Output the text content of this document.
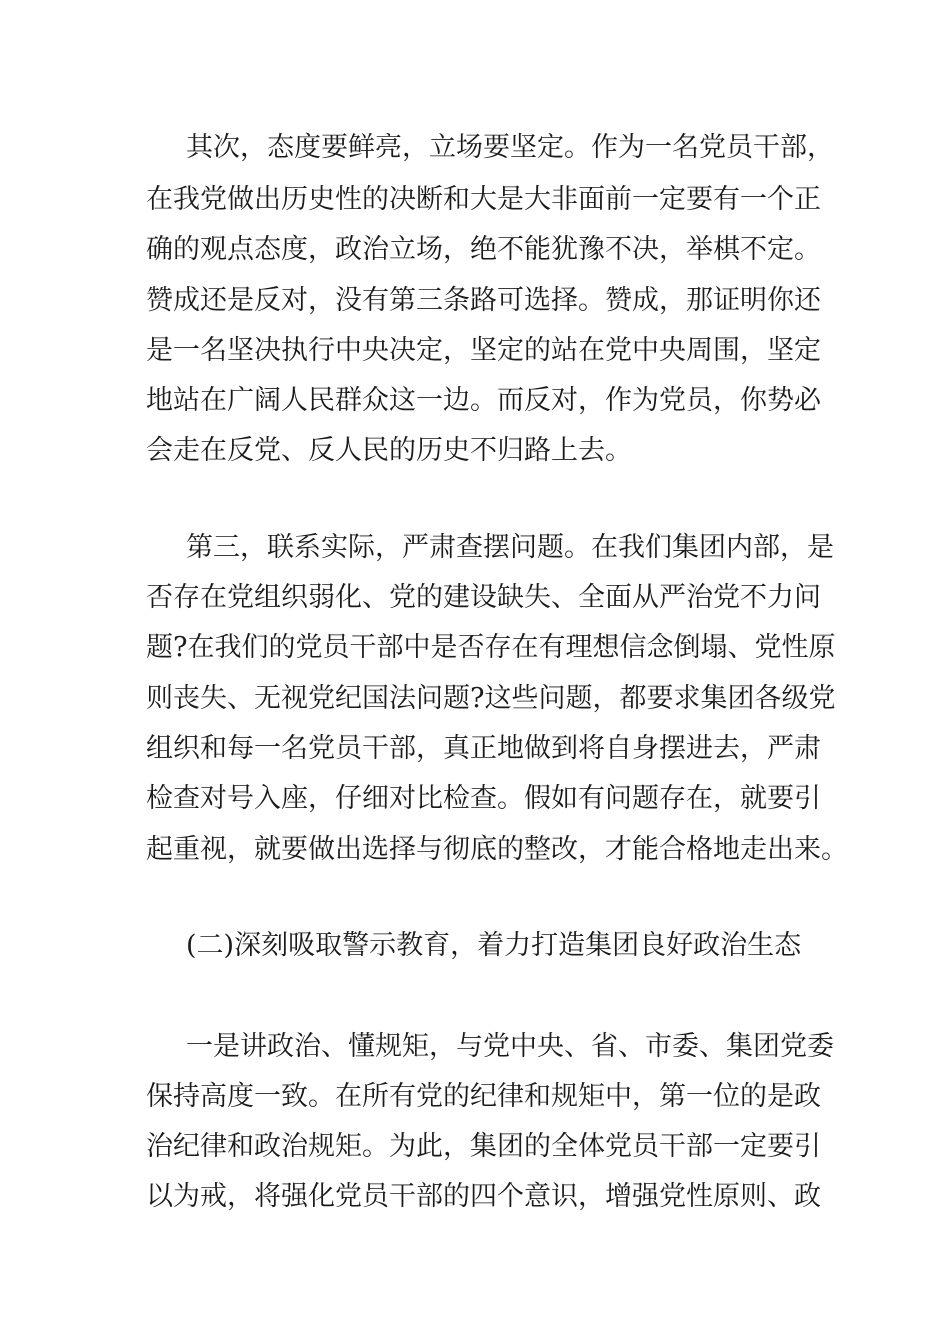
其次，态度要鲜亮，立场要坚定。作为一名党员干部，

在我党做出历史性的决断和大是大非面前一定要有一个正

确的观点态度，政治立场，绝不能犹豫不决，举棋不定。

赞成还是反对，没有第三条路可选择。赞成，那证明你还

是一名坚决执行中央决定，坚定的站在党中央周围，坚定

地站在广阔人民群众这一边。而反对，作为党员，你势必

会走在反党、反人民的历史不归路上去。

第三，联系实际，严肃查摆问题。在我们集团内部，是

否存在党组织弱化、党的建设缺失、全面从严治党不力问

题?在我们的党员干部中是否存在有理想信念倒塌、党性原

则丧失、无视党纪国法问题?这些问题，都要求集团各级党

组织和每一名党员干部，真正地做到将自身摆进去，严肃

检查对号入座，仔细对比检查。假如有问题存在，就要引

起重视，就要做出选择与彻底的整改，才能合格地走出来。

(二)深刻吸取警示教育，着力打造集团良好政治生态

一是讲政治、懂规矩，与党中央、省、市委、集团党委

保持高度一致。在所有党的纪律和规矩中，第一位的是政

治纪律和政治规矩。为此，集团的全体党员干部一定要引

以为戒，将强化党员干部的四个意识，增强党性原则、政
